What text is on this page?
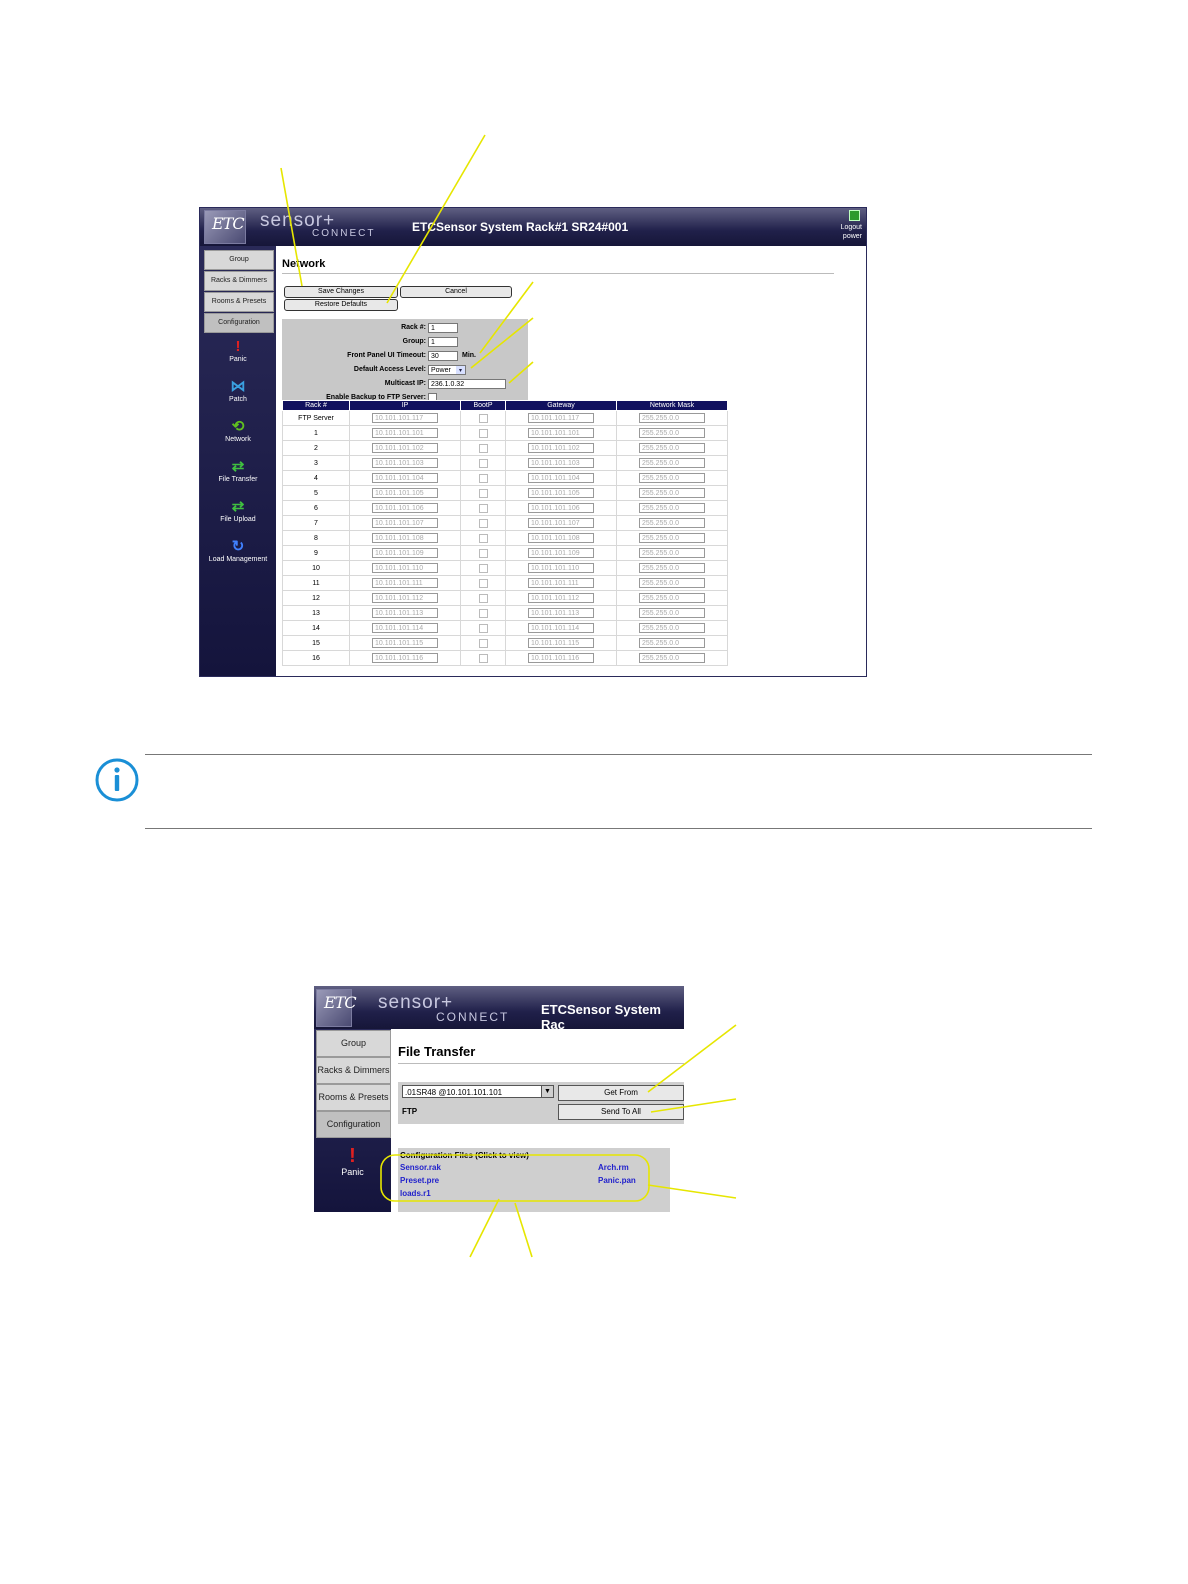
ETC sensor+
CONNECT	ETCSensor System Rack#1 SR24#001	Logout
power
Group
Racks & Dimmers
Rooms & Presets
Configuration
!
Panic
⋈
Patch
⟲
Network
⇄
File Transfer
⇄
File Upload
↻
Load Management
Network
Save Changes	Cancel
Restore Defaults
Rack #: 1
Group: 1
Front Panel UI Timeout: 30	Min.
Default Access Level: Power	▾
Multicast IP: 236.1.0.32
Enable Backup to FTP Server:
Rack #	IP	BootP	Gateway	Network Mask
FTP Server	10.101.101.117		10.101.101.117	255.255.0.0
1	10.101.101.101		10.101.101.101	255.255.0.0
2	10.101.101.102		10.101.101.102	255.255.0.0
3	10.101.101.103		10.101.101.103	255.255.0.0
4	10.101.101.104		10.101.101.104	255.255.0.0
5	10.101.101.105		10.101.101.105	255.255.0.0
6	10.101.101.106		10.101.101.106	255.255.0.0
7	10.101.101.107		10.101.101.107	255.255.0.0
8	10.101.101.108		10.101.101.108	255.255.0.0
9	10.101.101.109		10.101.101.109	255.255.0.0
10	10.101.101.110		10.101.101.110	255.255.0.0
11	10.101.101.111		10.101.101.111	255.255.0.0
12	10.101.101.112		10.101.101.112	255.255.0.0
13	10.101.101.113		10.101.101.113	255.255.0.0
14	10.101.101.114		10.101.101.114	255.255.0.0
15	10.101.101.115		10.101.101.115	255.255.0.0
16	10.101.101.116		10.101.101.116	255.255.0.0
ETC sensor+
CONNECT ETCSensor System Rac
Group
Racks & Dimmers
Rooms & Presets
Configuration
!
Panic
File Transfer
.01SR48 @10.101.101.101	▼	Get From
FTP	Send To All
Configuration Files (Click to view)
Sensor.rak
Preset.pre
loads.r1
Arch.rm
Panic.pan
